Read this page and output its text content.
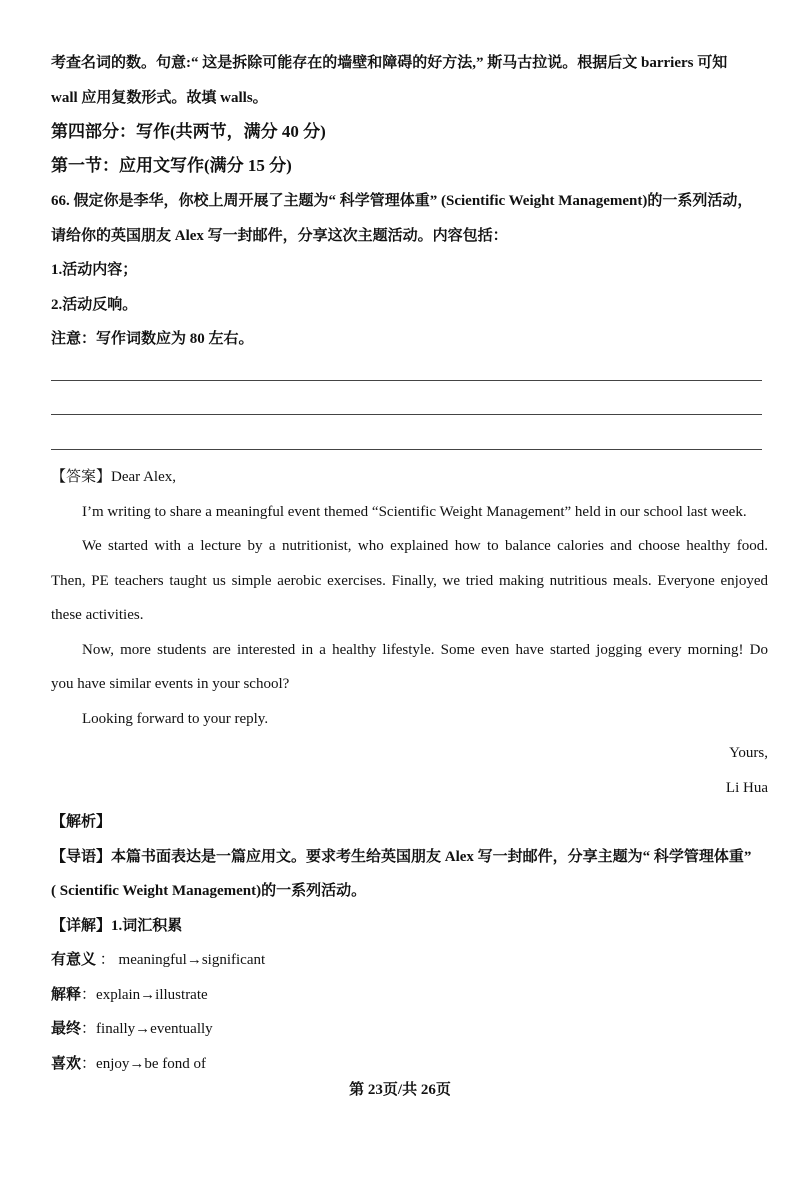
考查名词的数。句意:“ 这是拆除可能存在的墙壁和障碍的好方法,” 斯马古拉说。根据后文 barriers 可知
wall 应用复数形式。故填 walls。
第四部分：写作(共两节，满分 40 分)
第一节：应用文写作(满分 15 分)
66. 假定你是李华，你校上周开展了主题为“ 科学管理体重” (Scientific Weight Management)的一系列活动，
请给你的英国朋友 Alex 写一封邮件，分享这次主题活动。内容包括：
1.活动内容；
2.活动反响。
注意：写作词数应为 80 左右。
【答案】Dear Alex,
I’m writing to share a meaningful event themed “Scientific Weight Management” held in our school last week.
We started with a lecture by a nutritionist, who explained how to balance calories and choose healthy food.
Then, PE teachers taught us simple aerobic exercises. Finally, we tried making nutritious meals. Everyone enjoyed
these activities.
Now, more students are interested in a healthy lifestyle. Some even have started jogging every morning! Do
you have similar events in your school?
Looking forward to your reply.
Yours,
Li Hua
【解析】
【导语】本篇书面表达是一篇应用文。要求考生给英国朋友 Alex 写一封邮件，分享主题为“ 科学管理体重”
( Scientific Weight Management)的一系列活动。
【详解】1.词汇积累
有意义 ： meaningful→significant
解释：explain→illustrate
最终：finally→eventually
喜欢：enjoy→be fond of
第 23页/共 26页
